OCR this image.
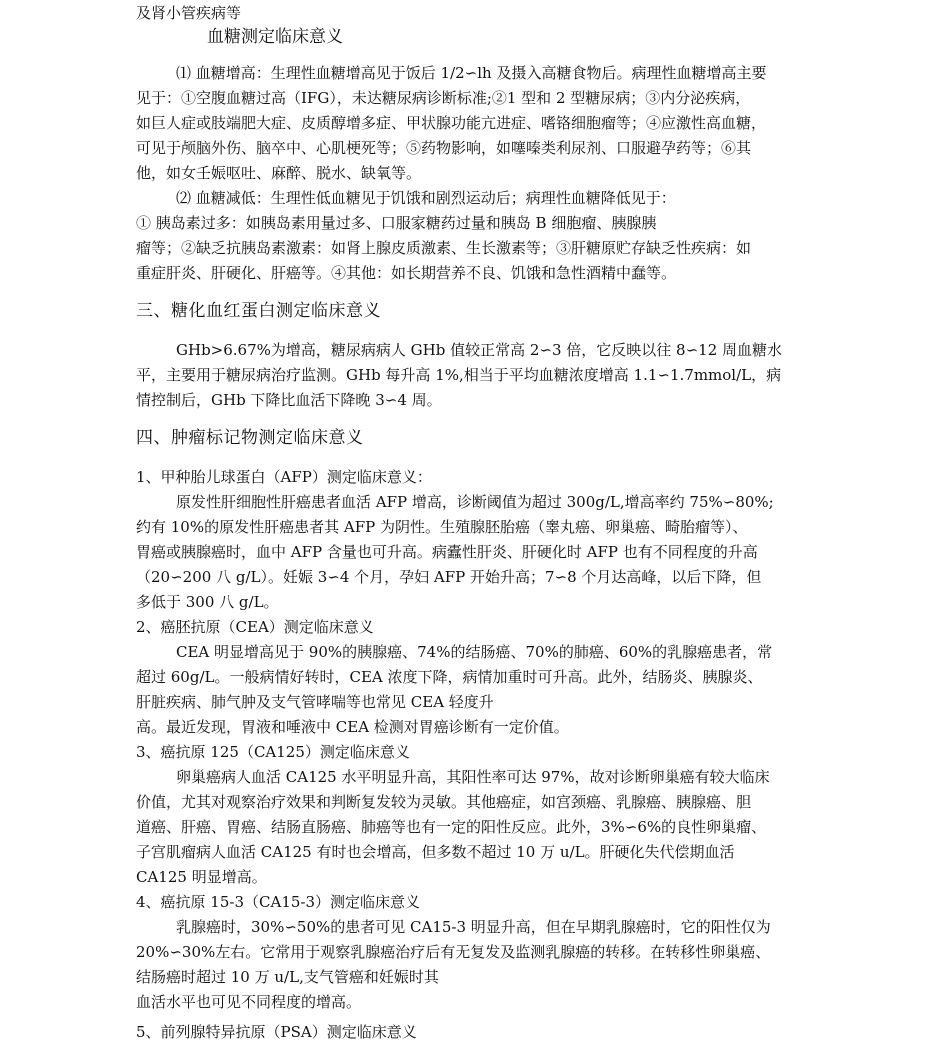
及肾小管疾病等
血糖测定临床意义
⑴ 血糖增高：生理性血糖增高见于饭后 1/2∽lh 及摄入高糖食物后。病理性血糖增高主要
见于：①空腹血糖过高（IFG），未达糖尿病诊断标准;②1 型和 2 型糖尿病；③内分泌疾病，
如巨人症或肢端肥大症、皮质醇增多症、甲状腺功能亢进症、嗜铬细胞瘤等；④应激性高血糖，
可见于颅脑外伤、脑卒中、心肌梗死等；⑤药物影响，如噻嗪类利尿剂、口服避孕药等；⑥其
他，如女壬娠呕吐、麻醉、脱水、缺氧等。
⑵ 血糖减低：生理性低血糖见于饥饿和剧烈运动后；病理性血糖降低见于：
① 胰岛素过多：如胰岛素用量过多、口服家糖药过量和胰岛 B 细胞瘤、胰腺胰
瘤等；②缺乏抗胰岛素激素：如肾上腺皮质激素、生长激素等；③肝糖原贮存缺乏性疾病：如
重症肝炎、肝硬化、肝癌等。④其他：如长期营养不良、饥饿和急性酒精中蠢等。
三、糖化血红蛋白测定临床意义
GHb>6.67%为增高，糖尿病病人 GHb 值较正常高 2∽3 倍，它反映以往 8∽12 周血糖水
平，主要用于糖尿病治疗监测。GHb 每升高 1%,相当于平均血糖浓度增高 1.1∽1.7mmol/L，病
情控制后，GHb 下降比血活下降晚 3∽4 周。
四、肿瘤标记物测定临床意义
1、甲种胎儿球蛋白（AFP）测定临床意义：
原发性肝细胞性肝癌患者血活 AFP 增高，诊断阈值为超过 300g/L,增高率约 75%∽80%;
约有 10%的原发性肝癌患者其 AFP 为阴性。生殖腺胚胎癌（睾丸癌、卵巢癌、畸胎瘤等）、
胃癌或胰腺癌时，血中 AFP 含量也可升高。病蠹性肝炎、肝硬化时 AFP 也有不同程度的升高
（20∽200 八 g/L）。妊娠 3∽4 个月，孕妇 AFP 开始升高；7∽8 个月达高峰，以后下降，但
多低于 300 八 g/L。
2、癌胚抗原（CEA）测定临床意义
CEA 明显增高见于 90%的胰腺癌、74%的结肠癌、70%的肺癌、60%的乳腺癌患者，常
超过 60g/L。一般病情好转时，CEA 浓度下降，病情加重时可升高。此外，结肠炎、胰腺炎、
肝脏疾病、肺气肿及支气管哮喘等也常见 CEA 轻度升
高。最近发现，胃液和唾液中 CEA 检测对胃癌诊断有一定价值。
3、癌抗原 125（CA125）测定临床意义
卵巢癌病人血活 CA125 水平明显升高，其阳性率可达 97%，故对诊断卵巢癌有较大临床
价值，尤其对观察治疗效果和判断复发较为灵敏。其他癌症，如宫颈癌、乳腺癌、胰腺癌、胆
道癌、肝癌、胃癌、结肠直肠癌、肺癌等也有一定的阳性反应。此外，3%∽6%的良性卵巢瘤、
子宫肌瘤病人血活 CA125 有时也会增高，但多数不超过 10 万 u/L。肝硬化失代偿期血活
CA125 明显增高。
4、癌抗原 15-3（CA15-3）测定临床意义
乳腺癌时，30%∽50%的患者可见 CA15-3 明显升高，但在早期乳腺癌时，它的阳性仅为
20%∽30%左右。它常用于观察乳腺癌治疗后有无复发及监测乳腺癌的转移。在转移性卵巢癌、
结肠癌时超过 10 万 u/L,支气管癌和妊娠时其
血活水平也可见不同程度的增高。
5、前列腺特异抗原（PSA）测定临床意义
